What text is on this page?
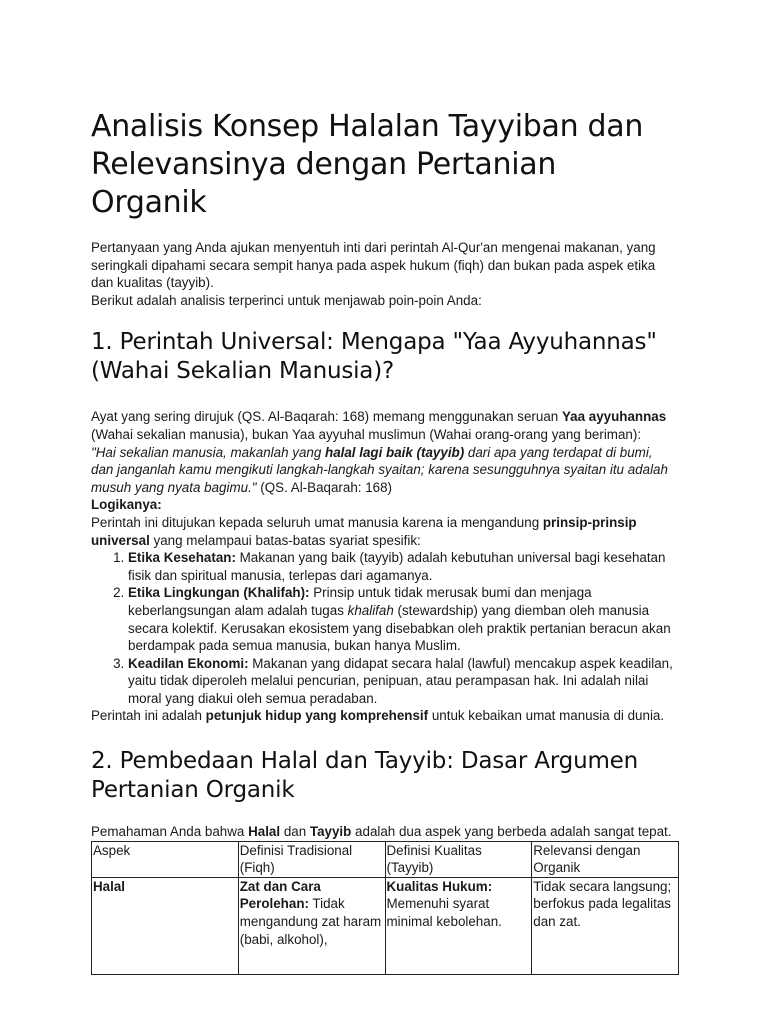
Analisis Konsep Halalan Tayyiban dan Relevansinya dengan Pertanian Organik

Pertanyaan yang Anda ajukan menyentuh inti dari perintah Al-Qur'an mengenai makanan, yang seringkali dipahami secara sempit hanya pada aspek hukum (fiqh) dan bukan pada aspek etika dan kualitas (tayyib).

Berikut adalah analisis terperinci untuk menjawab poin-poin Anda:

1. Perintah Universal: Mengapa "Yaa Ayyuhannas" (Wahai Sekalian Manusia)?

Ayat yang sering dirujuk (QS. Al-Baqarah: 168) memang menggunakan seruan Yaa ayyuhannas (Wahai sekalian manusia), bukan Yaa ayyuhal muslimun (Wahai orang-orang yang beriman):

"Hai sekalian manusia, makanlah yang halal lagi baik (tayyib) dari apa yang terdapat di bumi, dan janganlah kamu mengikuti langkah-langkah syaitan; karena sesungguhnya syaitan itu adalah musuh yang nyata bagimu." (QS. Al-Baqarah: 168)

Logikanya:

Perintah ini ditujukan kepada seluruh umat manusia karena ia mengandung prinsip-prinsip universal yang melampaui batas-batas syariat spesifik:

1. Etika Kesehatan: Makanan yang baik (tayyib) adalah kebutuhan universal bagi kesehatan fisik dan spiritual manusia, terlepas dari agamanya.
2. Etika Lingkungan (Khalifah): Prinsip untuk tidak merusak bumi dan menjaga keberlangsungan alam adalah tugas khalifah (stewardship) yang diemban oleh manusia secara kolektif. Kerusakan ekosistem yang disebabkan oleh praktik pertanian beracun akan berdampak pada semua manusia, bukan hanya Muslim.
3. Keadilan Ekonomi: Makanan yang didapat secara halal (lawful) mencakup aspek keadilan, yaitu tidak diperoleh melalui pencurian, penipuan, atau perampasan hak. Ini adalah nilai moral yang diakui oleh semua peradaban.

Perintah ini adalah petunjuk hidup yang komprehensif untuk kebaikan umat manusia di dunia.

2. Pembedaan Halal dan Tayyib: Dasar Argumen Pertanian Organik

Pemahaman Anda bahwa Halal dan Tayyib adalah dua aspek yang berbeda adalah sangat tepat.

Aspek	Definisi Tradisional (Fiqh)	Definisi Kualitas (Tayyib)	Relevansi dengan Organik
Halal	Zat dan Cara Perolehan: Tidak mengandung zat haram (babi, alkohol),	Kualitas Hukum: Memenuhi syarat minimal kebolehan.	Tidak secara langsung; berfokus pada legalitas dan zat.
